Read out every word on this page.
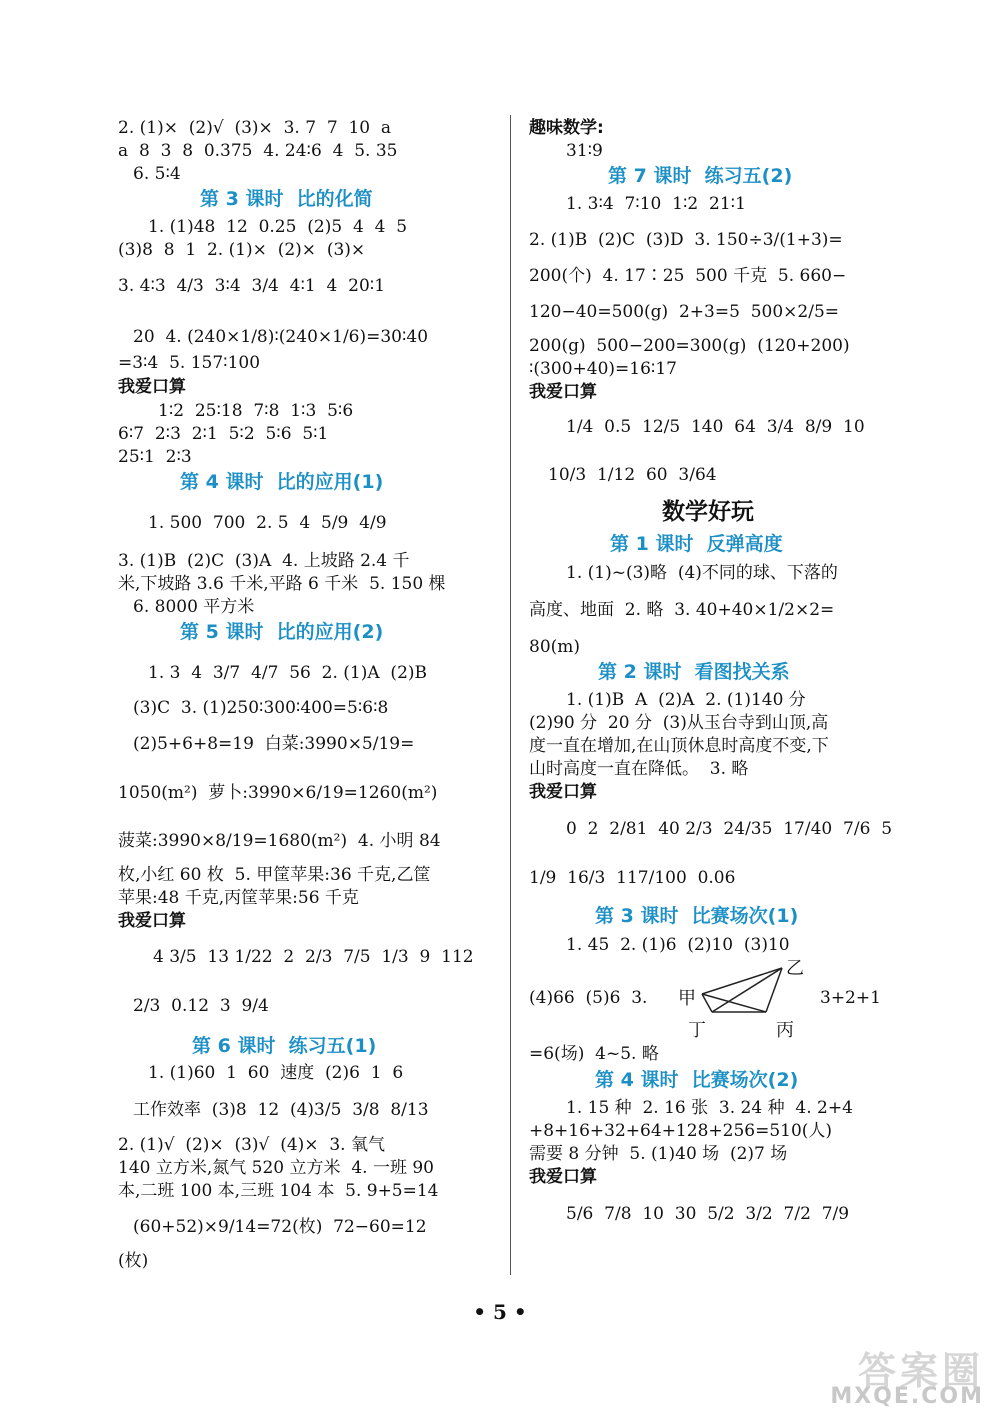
2. (1)×  (2)√  (3)×  3. 7  7  10  a
a  8  3  8  0.375  4. 24∶6  4  5. 35
6. 5∶4
第 3 课时  比的化简
1. (1)48  12  0.25  (2)5  4  4  5
(3)8  8  1  2. (1)×  (2)×  (3)×
3. 4∶3  4/3  3∶4  3/4  4∶1  4  20∶1
20  4. (240×1/8)∶(240×1/6)=30∶40
=3∶4  5. 157∶100
我爱口算
1∶2  25∶18  7∶8  1∶3  5∶6
6∶7  2∶3  2∶1  5∶2  5∶6  5∶1
25∶1  2∶3
第 4 课时  比的应用(1)
1. 500  700  2. 5  4  5/9  4/9
3. (1)B  (2)C  (3)A  4. 上坡路 2.4 千
米,下坡路 3.6 千米,平路 6 千米  5. 150 棵
6. 8000 平方米
第 5 课时  比的应用(2)
1. 3  4  3/7  4/7  56  2. (1)A  (2)B
(3)C  3. (1)250∶300∶400=5∶6∶8
(2)5+6+8=19  白菜:3990×5/19=
1050(m²)  萝卜:3990×6/19=1260(m²)
菠菜:3990×8/19=1680(m²)  4. 小明 84
枚,小红 60 枚  5. 甲筐苹果:36 千克,乙筐
苹果:48 千克,丙筐苹果:56 千克
我爱口算
4 3/5  13 1/22  2  2/3  7/5  1/3  9  112
2/3  0.12  3  9/4
第 6 课时  练习五(1)
1. (1)60  1  60  速度  (2)6  1  6
工作效率  (3)8  12  (4)3/5  3/8  8/13
2. (1)√  (2)×  (3)√  (4)×  3. 氧气
140 立方米,氮气 520 立方米  4. 一班 90
本,二班 100 本,三班 104 本  5. 9+5=14
(60+52)×9/14=72(枚)  72−60=12
(枚)
趣味数学:
31∶9
第 7 课时  练习五(2)
1. 3∶4  7∶10  1∶2  21∶1
2. (1)B  (2)C  (3)D  3. 150÷3/(1+3)=
200(个)  4. 17∶25  500 千克  5. 660−
120−40=500(g)  2+3=5  500×2/5=
200(g)  500−200=300(g)  (120+200)
∶(300+40)=16∶17
我爱口算
1/4  0.5  12/5  140  64  3/4  8/9  10
10/3  1/12  60  3/64
数学好玩
第 1 课时  反弹高度
1. (1)~(3)略  (4)不同的球、下落的
高度、地面  2. 略  3. 40+40×1/2×2=
80(m)
第 2 课时  看图找关系
1. (1)B  A  (2)A  2. (1)140 分
(2)90 分  20 分  (3)从玉台寺到山顶,高
度一直在增加,在山顶休息时高度不变,下
山时高度一直在降低。  3. 略
我爱口算
0  2  2/81  40 2/3  24/35  17/40  7/6  5
1/9  16/3  117/100  0.06
第 3 课时  比赛场次(1)
1. 45  2. (1)6  (2)10  (3)10
(4)66  (5)6  3.	3+2+1
=6(场)  4~5. 略
第 4 课时  比赛场次(2)
1. 15 种  2. 16 张  3. 24 种  4. 2+4
+8+16+32+64+128+256=510(人)
需要 8 分钟  5. (1)40 场  (2)7 场
我爱口算
5/6  7/8  10  30  5/2  3/2  7/2  7/9
甲
乙
丙
丁
• 5 •
答案圈
MXQE.COM
